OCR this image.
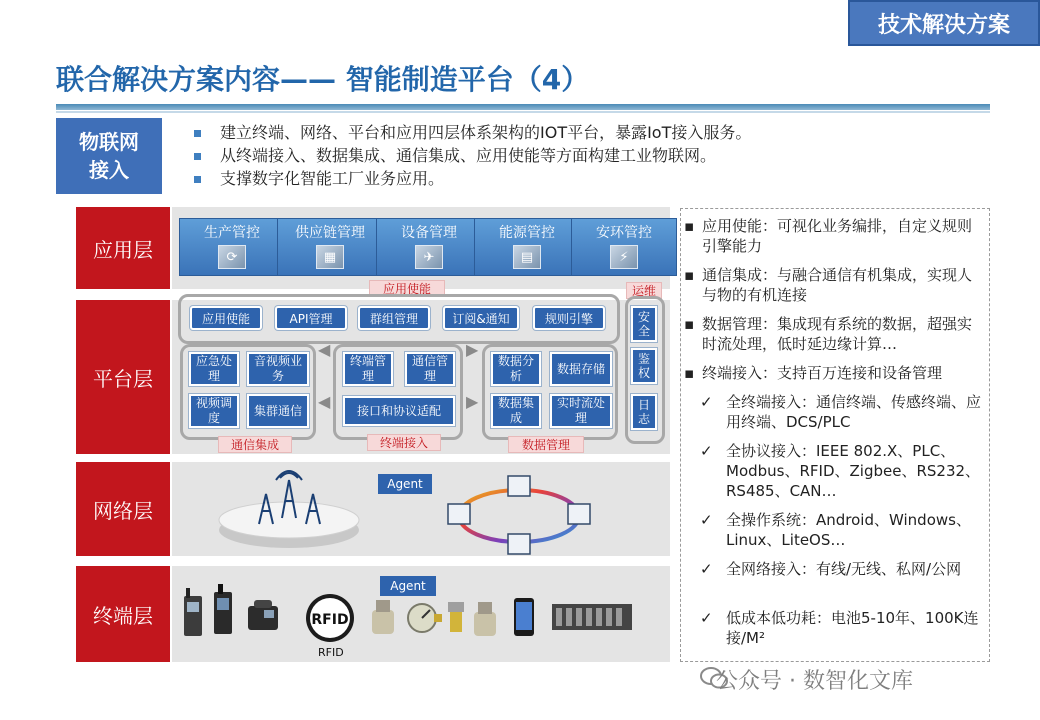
技术解决方案
联合解决方案内容—— 智能制造平台（4）
物联网
接入
建立终端、网络、平台和应用四层体系架构的IOT平台，暴露IoT接入服务。
从终端接入、数据集成、通信集成、应用使能等方面构建工业物联网。
支撑数字化智能工厂业务应用。
应用层
平台层
网络层
终端层
生产管控
⟳
供应链管理
▦
设备管理
✈
能源管控
▤
安环管控
⚡
应用使能	运维
应用使能	API管理	群组管理	订阅&通知	规则引擎	安全
鉴权
日志
应急处理
音视频业务
视频调度
集群通信
通信集成
◀
◀
▶
▶
终端管理
通信管理
接口和协议适配
终端接入
数据分析
数据存储
数据集成
实时流处理
数据管理
Agent
Agent
RFID
RFID
▪ 应用使能：可视化业务编排，自定义规则引擎能力
▪ 通信集成：与融合通信有机集成，实现人与物的有机连接
▪ 数据管理：集成现有系统的数据，超强实时流处理，低时延边缘计算…
▪ 终端接入：支持百万连接和设备管理
✓ 全终端接入：通信终端、传感终端、应用终端、DCS/PLC
✓ 全协议接入：IEEE 802.X、PLC、Modbus、RFID、Zigbee、RS232、RS485、CAN…
✓ 全操作系统：Android、Windows、Linux、LiteOS…
✓ 全网络接入：有线/无线、私网/公网
✓ 低成本低功耗：电池5-10年、100K连接/M²
公众号 · 数智化文库
